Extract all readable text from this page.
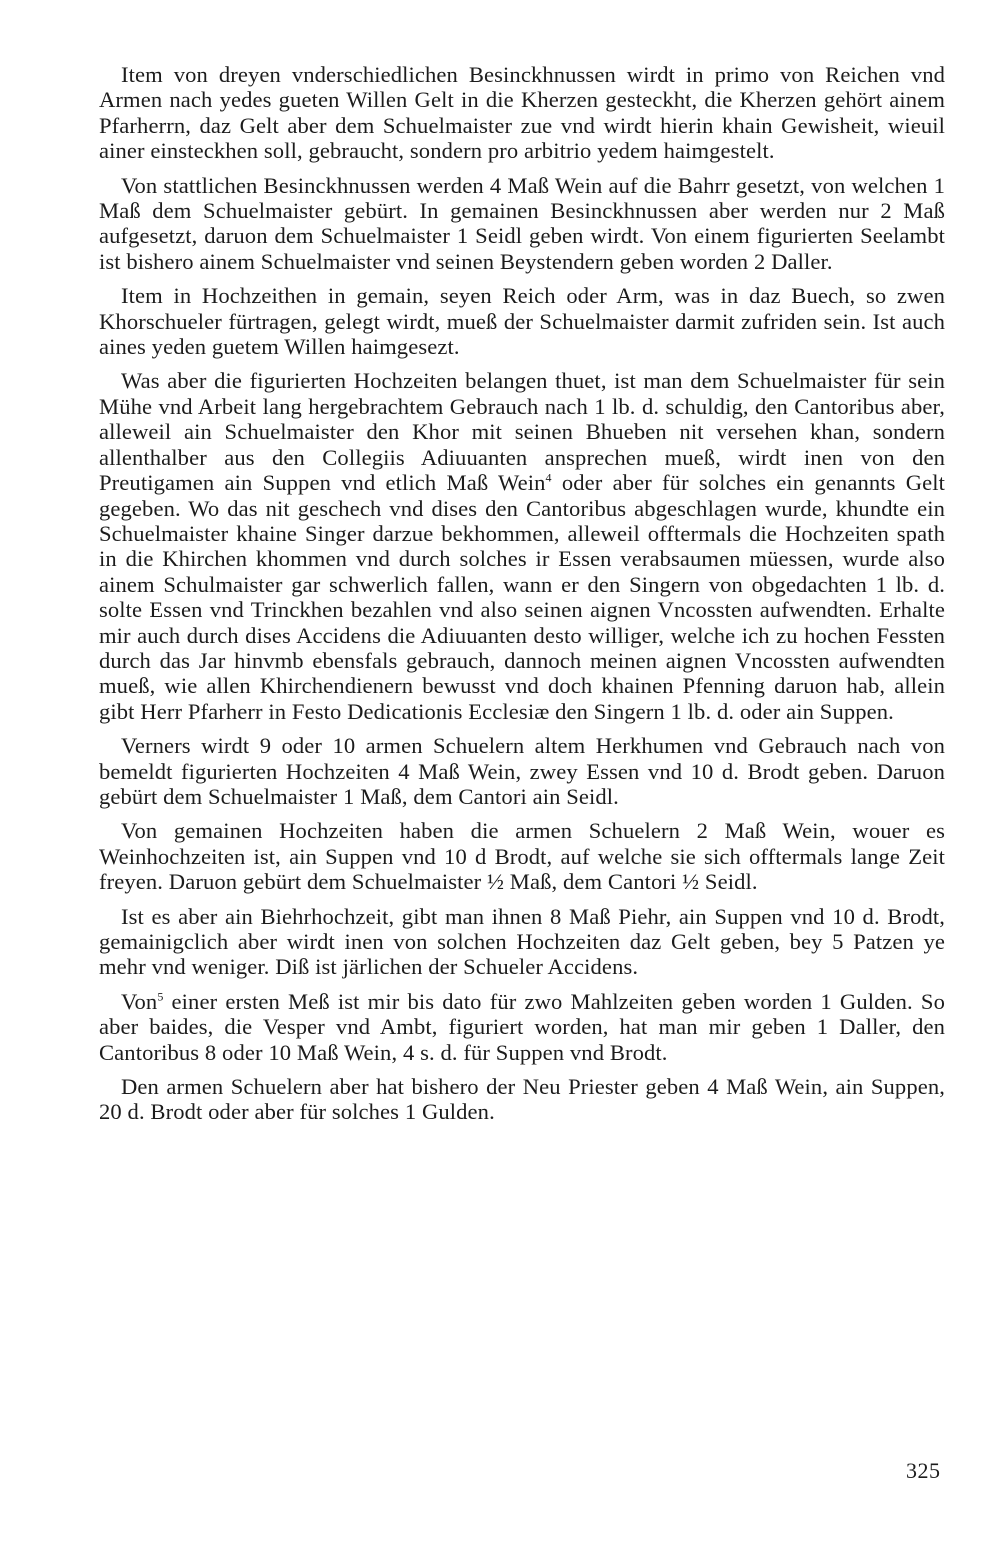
Item von dreyen vnderschiedlichen Besinckhnussen wirdt in primo von Reichen vnd Armen nach yedes gueten Willen Gelt in die Kherzen gesteckht, die Kherzen gehört ainem Pfarherrn, daz Gelt aber dem Schuelmaister zue vnd wirdt hierin khain Gewisheit, wieuil ainer einsteckhen soll, gebraucht, sondern pro arbitrio yedem haimgestelt.

Von stattlichen Besinckhnussen werden 4 Maß Wein auf die Bahrr gesetzt, von welchen 1 Maß dem Schuelmaister gebürt. In gemainen Besinckhnussen aber werden nur 2 Maß aufgesetzt, daruon dem Schuelmaister 1 Seidl geben wirdt. Von einem figurierten Seelambt ist bishero ainem Schuelmaister vnd seinen Beystendern geben worden 2 Daller.

Item in Hochzeithen in gemain, seyen Reich oder Arm, was in daz Buech, so zwen Khorschueler fürtragen, gelegt wirdt, mueß der Schuelmaister darmit zufriden sein. Ist auch aines yeden guetem Willen haimgesezt.

Was aber die figurierten Hochzeiten belangen thuet, ist man dem Schuelmaister für sein Mühe vnd Arbeit lang hergebrachtem Gebrauch nach 1 lb. d. schuldig, den Cantoribus aber, alleweil ain Schuelmaister den Khor mit seinen Bhueben nit versehen khan, sondern allenthalber aus den Collegiis Adiuuanten ansprechen mueß, wirdt inen von den Preutigamen ain Suppen vnd etlich Maß Wein$^4$ oder aber für solches ein genannts Gelt gegeben. Wo das nit geschech vnd dises den Cantoribus abgeschlagen wurde, khundte ein Schuelmaister khaine Singer darzue bekhommen, alleweil offtermals die Hochzeiten spath in die Khirchen khommen vnd durch solches ir Essen verabsaumen müessen, wurde also ainem Schulmaister gar schwerlich fallen, wann er den Singern von obgedachten 1 lb. d. solte Essen vnd Trinckhen bezahlen vnd also seinen aignen Vncossten aufwendten. Erhalte mir auch durch dises Accidens die Adiuuanten desto williger, welche ich zu hochen Fessten durch das Jar hinvmb ebensfals gebrauch, dannoch meinen aignen Vncossten aufwendten mueß, wie allen Khirchendienern bewusst vnd doch khainen Pfenning daruon hab, allein gibt Herr Pfarherr in Festo Dedicationis Ecclesiæ den Singern 1 lb. d. oder ain Suppen.

Verners wirdt 9 oder 10 armen Schuelern altem Herkhumen vnd Gebrauch nach von bemeldt figurierten Hochzeiten 4 Maß Wein, zwey Essen vnd 10 d. Brodt geben. Daruon gebürt dem Schuelmaister 1 Maß, dem Cantori ain Seidl.

Von gemainen Hochzeiten haben die armen Schuelern 2 Maß Wein, wouer es Weinhochzeiten ist, ain Suppen vnd 10 d Brodt, auf welche sie sich offtermals lange Zeit freyen. Daruon gebürt dem Schuelmaister ½ Maß, dem Cantori ½ Seidl.

Ist es aber ain Biehrhochzeit, gibt man ihnen 8 Maß Piehr, ain Suppen vnd 10 d. Brodt, gemainigclich aber wirdt inen von solchen Hochzeiten daz Gelt geben, bey 5 Patzen ye mehr vnd weniger. Diß ist järlichen der Schueler Accidens.

Von$^5$ einer ersten Meß ist mir bis dato für zwo Mahlzeiten geben worden 1 Gulden. So aber baides, die Vesper vnd Ambt, figuriert worden, hat man mir geben 1 Daller, den Cantoribus 8 oder 10 Maß Wein, 4 s. d. für Suppen vnd Brodt.

Den armen Schuelern aber hat bishero der Neu Priester geben 4 Maß Wein, ain Suppen, 20 d. Brodt oder aber für solches 1 Gulden.

325
